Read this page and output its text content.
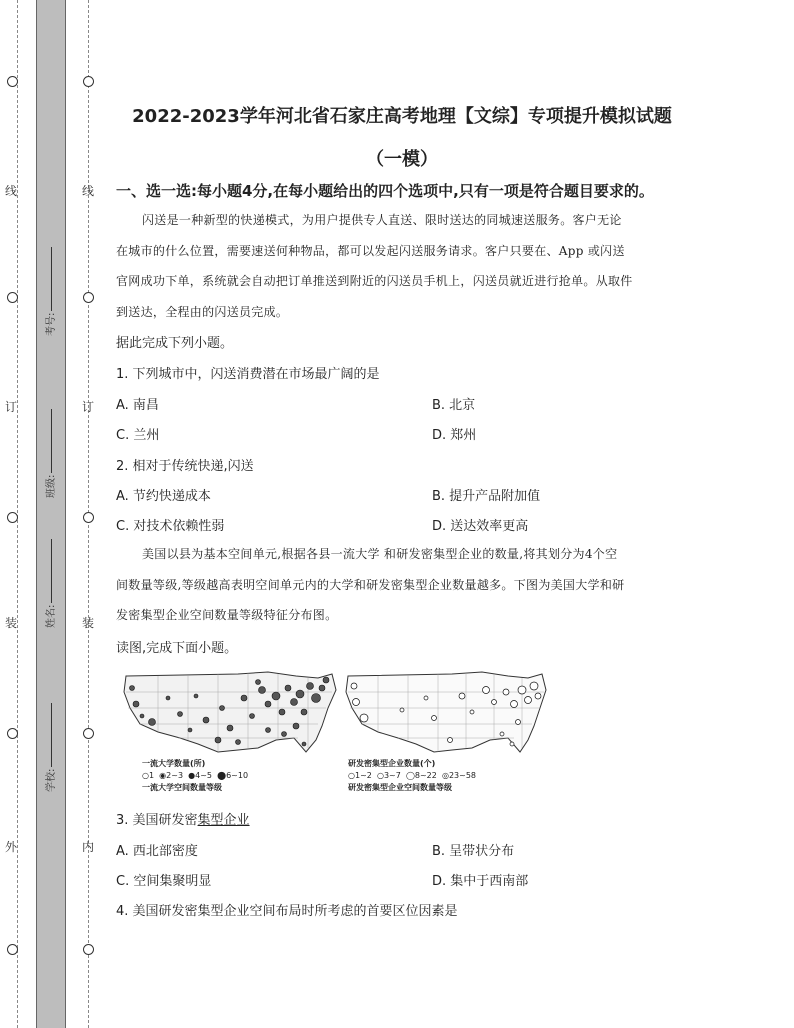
线
订
装
外
考号:
班级:
姓名:
学校:
线
订
装
内
2022-2023学年河北省石家庄高考地理【文综】专项提升模拟试题
（一模）
一、选一选:每小题4分,在每小题给出的四个选项中,只有一项是符合题目要求的。

闪送是一种新型的快递模式，为用户提供专人直送、限时送达的同城速送服务。客户无论

在城市的什么位置，需要速送何种物品，都可以发起闪送服务请求。客户只要在、App 或闪送

官网成功下单，系统就会自动把订单推送到附近的闪送员手机上，闪送员就近进行抢单。从取件

到送达，全程由的闪送员完成。

据此完成下列小题。
1. 下列城市中，闪送消费潜在市场最广阔的是
A. 南昌	B. 北京
C. 兰州	D. 郑州
2. 相对于传统快递,闪送
A. 节约快递成本	B. 提升产品附加值
C. 对技术依赖性弱	D. 送达效率更高

美国以县为基本空间单元,根据各县一流大学 和研发密集型企业的数量,将其划分为4个空

间数量等级,等级越高表明空间单元内的大学和研发密集型企业数量越多。下图为美国大学和研

发密集型企业空间数量等级特征分布图。

读图,完成下面小题。
一流大学数量(所)
○1 ◉2~3 ●4~5 ⬤6~10
一流大学空间数量等级
研发密集型企业数量(个)
○1~2 ○3~7 ◯8~22 ◎23~58
研发密集型企业空间数量等级
3. 美国研发密集型企业
A. 西北部密度	B. 呈带状分布
C. 空间集聚明显	D. 集中于西南部
4. 美国研发密集型企业空间布局时所考虑的首要区位因素是
